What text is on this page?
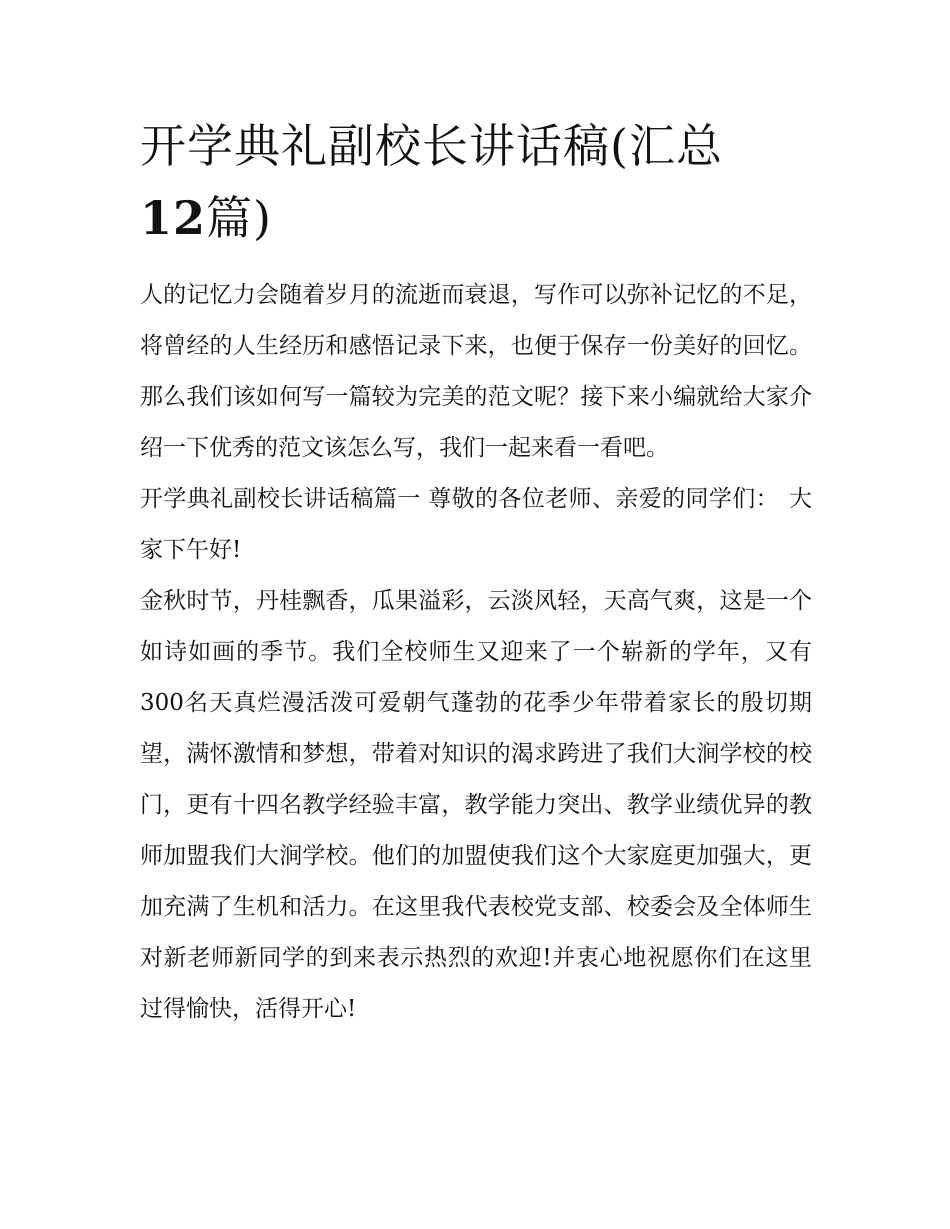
开学典礼副校长讲话稿(汇总
12篇)

人的记忆力会随着岁月的流逝而衰退，写作可以弥补记忆的不足，将曾经的人生经历和感悟记录下来，也便于保存一份美好的回忆。那么我们该如何写一篇较为完美的范文呢？接下来小编就给大家介绍一下优秀的范文该怎么写，我们一起来看一看吧。

开学典礼副校长讲话稿篇一 尊敬的各位老师、亲爱的同学们： 大家下午好!

金秋时节，丹桂飘香，瓜果溢彩，云淡风轻，天高气爽，这是一个如诗如画的季节。我们全校师生又迎来了一个崭新的学年，又有300名天真烂漫活泼可爱朝气蓬勃的花季少年带着家长的殷切期望，满怀激情和梦想，带着对知识的渴求跨进了我们大涧学校的校门，更有十四名教学经验丰富，教学能力突出、教学业绩优异的教师加盟我们大涧学校。他们的加盟使我们这个大家庭更加强大，更加充满了生机和活力。在这里我代表校党支部、校委会及全体师生对新老师新同学的到来表示热烈的欢迎!并衷心地祝愿你们在这里过得愉快，活得开心!
